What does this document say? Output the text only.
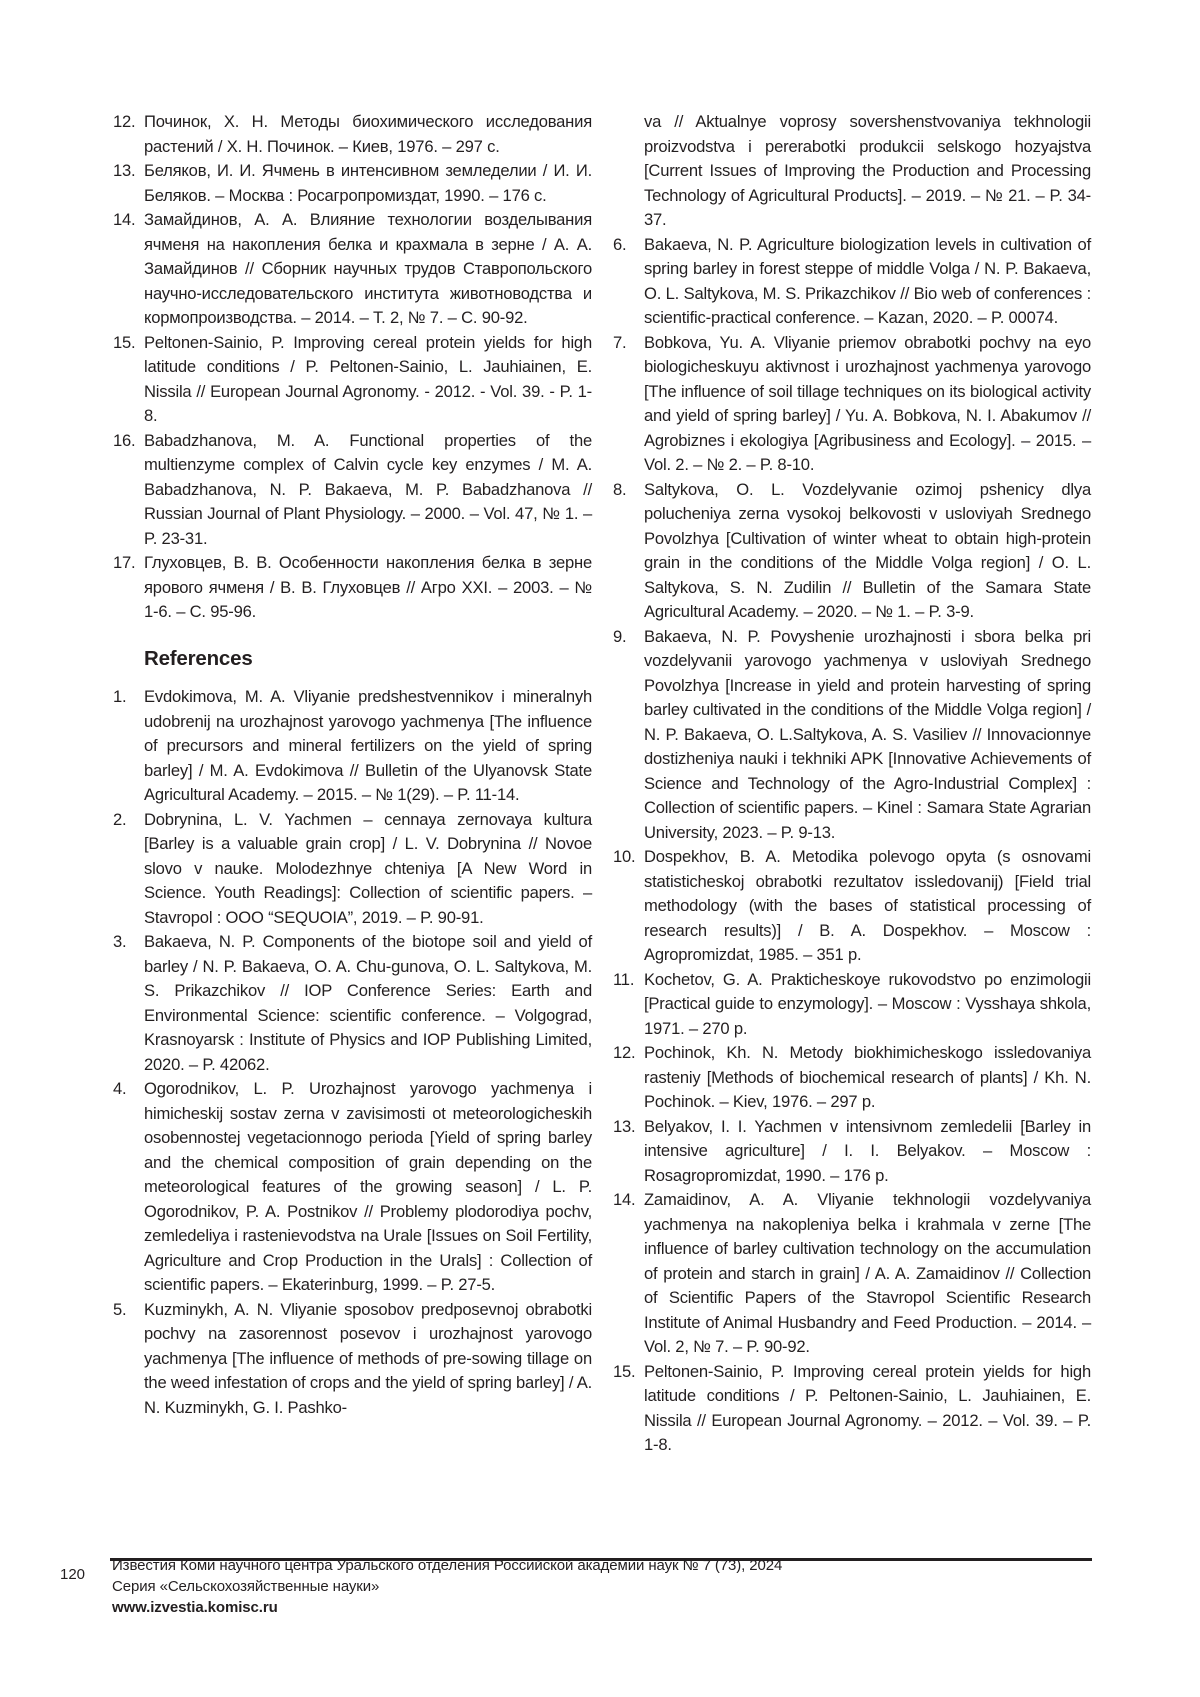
12. Починок, Х. Н. Методы биохимического исследования растений / Х. Н. Починок. – Киев, 1976. – 297 с.
13. Беляков, И. И. Ячмень в интенсивном земледелии / И. И. Беляков. – Москва : Росагропромиздат, 1990. – 176 с.
14. Замайдинов, А. А. Влияние технологии возделывания ячменя на накопления белка и крахмала в зерне / А. А. Замайдинов // Сборник научных трудов Ставропольского научно-исследовательского института животноводства и кормопроизводства. – 2014. – Т. 2, № 7. – С. 90-92.
15. Peltonen-Sainio, P. Improving cereal protein yields for high latitude conditions / P. Peltonen-Sainio, L. Jauhiainen, E. Nissila // European Journal Agronomy. - 2012. - Vol. 39. - P. 1-8.
16. Babadzhanova, M. A. Functional properties of the multienzyme complex of Calvin cycle key enzymes / M. A. Babadzhanova, N. P. Bakaeva, M. P. Babadzhanova // Russian Journal of Plant Physiology. – 2000. – Vol. 47, № 1. – P. 23-31.
17. Глуховцев, В. В. Особенности накопления белка в зерне ярового ячменя / В. В. Глуховцев // Агро XXI. – 2003. – № 1-6. – С. 95-96.
References
1. Evdokimova, M. A. Vliyanie predshestvennikov i mineralnyh udobrenij na urozhajnost yarovogo yachmenya [The influence of precursors and mineral fertilizers on the yield of spring barley] / M. A. Evdokimova // Bulletin of the Ulyanovsk State Agricultural Academy. – 2015. – № 1(29). – P. 11-14.
2. Dobrynina, L. V. Yachmen – cennaya zernovaya kultura [Barley is a valuable grain crop] / L. V. Dobrynina // Novoe slovo v nauke. Molodezhnye chteniya [A New Word in Science. Youth Readings]: Collection of scientific papers. – Stavropol : OOO “SEQUOIA”, 2019. – P. 90-91.
3. Bakaeva, N. P. Components of the biotope soil and yield of barley / N. P. Bakaeva, O. A. Chu-gunova, O. L. Saltykova, M. S. Prikazchikov // IOP Conference Series: Earth and Environmental Science: scientific conference. – Volgograd, Krasnoyarsk : Institute of Physics and IOP Publishing Limited, 2020. – P. 42062.
4. Ogorodnikov, L. P. Urozhajnost yarovogo yachmenya i himicheskij sostav zerna v zavisimosti ot meteorologicheskih osobennostej vegetacionnogo perioda [Yield of spring barley and the chemical composition of grain depending on the meteorological features of the growing season] / L. P. Ogorodnikov, P. A. Postnikov // Problemy plodorodiya pochv, zemledeliya i rastenievodstva na Urale [Issues on Soil Fertility, Agriculture and Crop Production in the Urals] : Collection of scientific papers. – Ekaterinburg, 1999. – P. 27-5.
5. Kuzminykh, A. N. Vliyanie sposobov predposevnoj obrabotki pochvy na zasorennost posevov i urozhajnost yarovogo yachmenya [The influence of methods of pre-sowing tillage on the weed infestation of crops and the yield of spring barley] / A. N. Kuzminykh, G. I. Pashko-
va // Aktualnye voprosy sovershenstvovaniya tekhnologii proizvodstva i pererabotki produkcii selskogo hozyajstva [Current Issues of Improving the Production and Processing Technology of Agricultural Products]. – 2019. – № 21. – P. 34-37.
6. Bakaeva, N. P. Agriculture biologization levels in cultivation of spring barley in forest steppe of middle Volga / N. P. Bakaeva, O. L. Saltykova, M. S. Prikazchikov // Bio web of conferences : scientific-practical conference. – Kazan, 2020. – P. 00074.
7. Bobkova, Yu. A. Vliyanie priemov obrabotki pochvy na eyo biologicheskuyu aktivnost i urozhajnost yachmenya yarovogo [The influence of soil tillage techniques on its biological activity and yield of spring barley] / Yu. A. Bobkova, N. I. Abakumov // Agrobiznes i ekologiya [Agribusiness and Ecology]. – 2015. – Vol. 2. – № 2. – P. 8-10.
8. Saltykova, O. L. Vozdelyvanie ozimoj pshenicy dlya polucheniya zerna vysokoj belkovosti v usloviyah Srednego Povolzhya [Cultivation of winter wheat to obtain high-protein grain in the conditions of the Middle Volga region] / O. L. Saltykova, S. N. Zudilin // Bulletin of the Samara State Agricultural Academy. – 2020. – № 1. – P. 3-9.
9. Bakaeva, N. P. Povyshenie urozhajnosti i sbora belka pri vozdelyvanii yarovogo yachmenya v usloviyah Srednego Povolzhya [Increase in yield and protein harvesting of spring barley cultivated in the conditions of the Middle Volga region] / N. P. Bakaeva, O. L.Saltykova, A. S. Vasiliev // Innovacionnye dostizheniya nauki i tekhniki APK [Innovative Achievements of Science and Technology of the Agro-Industrial Complex] : Collection of scientific papers. – Kinel : Samara State Agrarian University, 2023. – P. 9-13.
10. Dospekhov, B. A. Metodika polevogo opyta (s osnovami statisticheskoj obrabotki rezultatov issledovanij) [Field trial methodology (with the bases of statistical processing of research results)] / B. A. Dospekhov. – Moscow : Agropromizdat, 1985. – 351 p.
11. Kochetov, G. A. Prakticheskoye rukovodstvo po enzimologii [Practical guide to enzymology]. – Moscow : Vysshaya shkola, 1971. – 270 p.
12. Pochinok, Kh. N. Metody biokhimicheskogo issledovaniya rasteniy [Methods of biochemical research of plants] / Kh. N. Pochinok. – Kiev, 1976. – 297 p.
13. Belyakov, I. I. Yachmen v intensivnom zemledelii [Barley in intensive agriculture] / I. I. Belyakov. – Moscow : Rosagropromizdat, 1990. – 176 p.
14. Zamaidinov, A. A. Vliyanie tekhnologii vozdelyvaniya yachmenya na nakopleniya belka i krahmala v zerne [The influence of barley cultivation technology on the accumulation of protein and starch in grain] / A. A. Zamaidinov // Collection of Scientific Papers of the Stavropol Scientific Research Institute of Animal Husbandry and Feed Production. – 2014. – Vol. 2, № 7. – P. 90-92.
15. Peltonen-Sainio, P. Improving cereal protein yields for high latitude conditions / P. Peltonen-Sainio, L. Jauhiainen, E. Nissila // European Journal Agronomy. – 2012. – Vol. 39. – P. 1-8.
120
Известия Коми научного центра Уральского отделения Российской академии наук № 7 (73), 2024
Серия «Сельскохозяйственные науки»
www.izvestia.komisc.ru
